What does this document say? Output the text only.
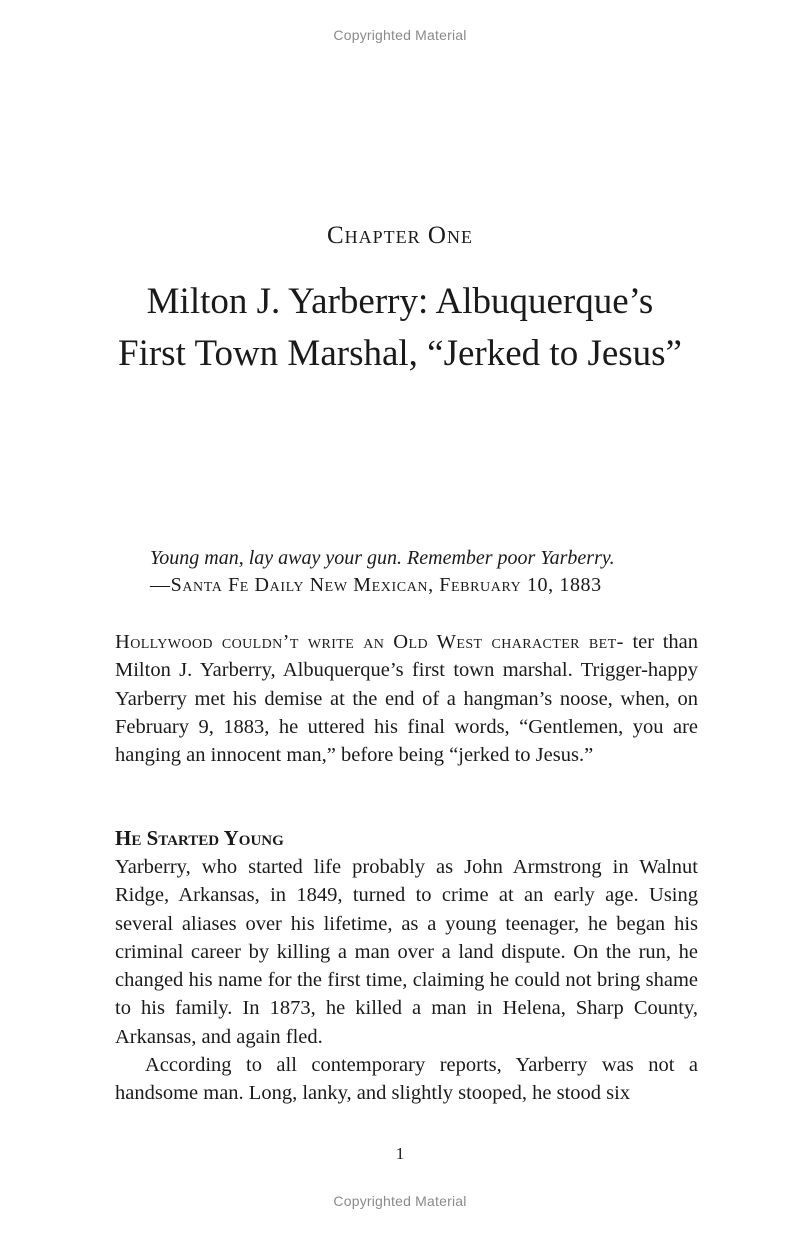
Copyrighted Material
Chapter One
Milton J. Yarberry: Albuquerque’s
First Town Marshal, “Jerked to Jesus”
Young man, lay away your gun. Remember poor Yarberry.
—Santa Fe Daily New Mexican, February 10, 1883

Hollywood couldn’t write an Old West character bet- ter than Milton J. Yarberry, Albuquerque’s first town marshal. Trigger-happy Yarberry met his demise at the end of a hangman’s noose, when, on February 9, 1883, he uttered his final words, “Gentlemen, you are hanging an innocent man,” before being “jerked to Jesus.”

He Started Young

Yarberry, who started life probably as John Armstrong in Walnut Ridge, Arkansas, in 1849, turned to crime at an early age. Using several aliases over his lifetime, as a young teenager, he began his criminal career by killing a man over a land dispute. On the run, he changed his name for the first time, claiming he could not bring shame to his family. In 1873, he killed a man in Helena, Sharp County, Arkansas, and again fled.

According to all contemporary reports, Yarberry was not a handsome man. Long, lanky, and slightly stooped, he stood six

1
Copyrighted Material
